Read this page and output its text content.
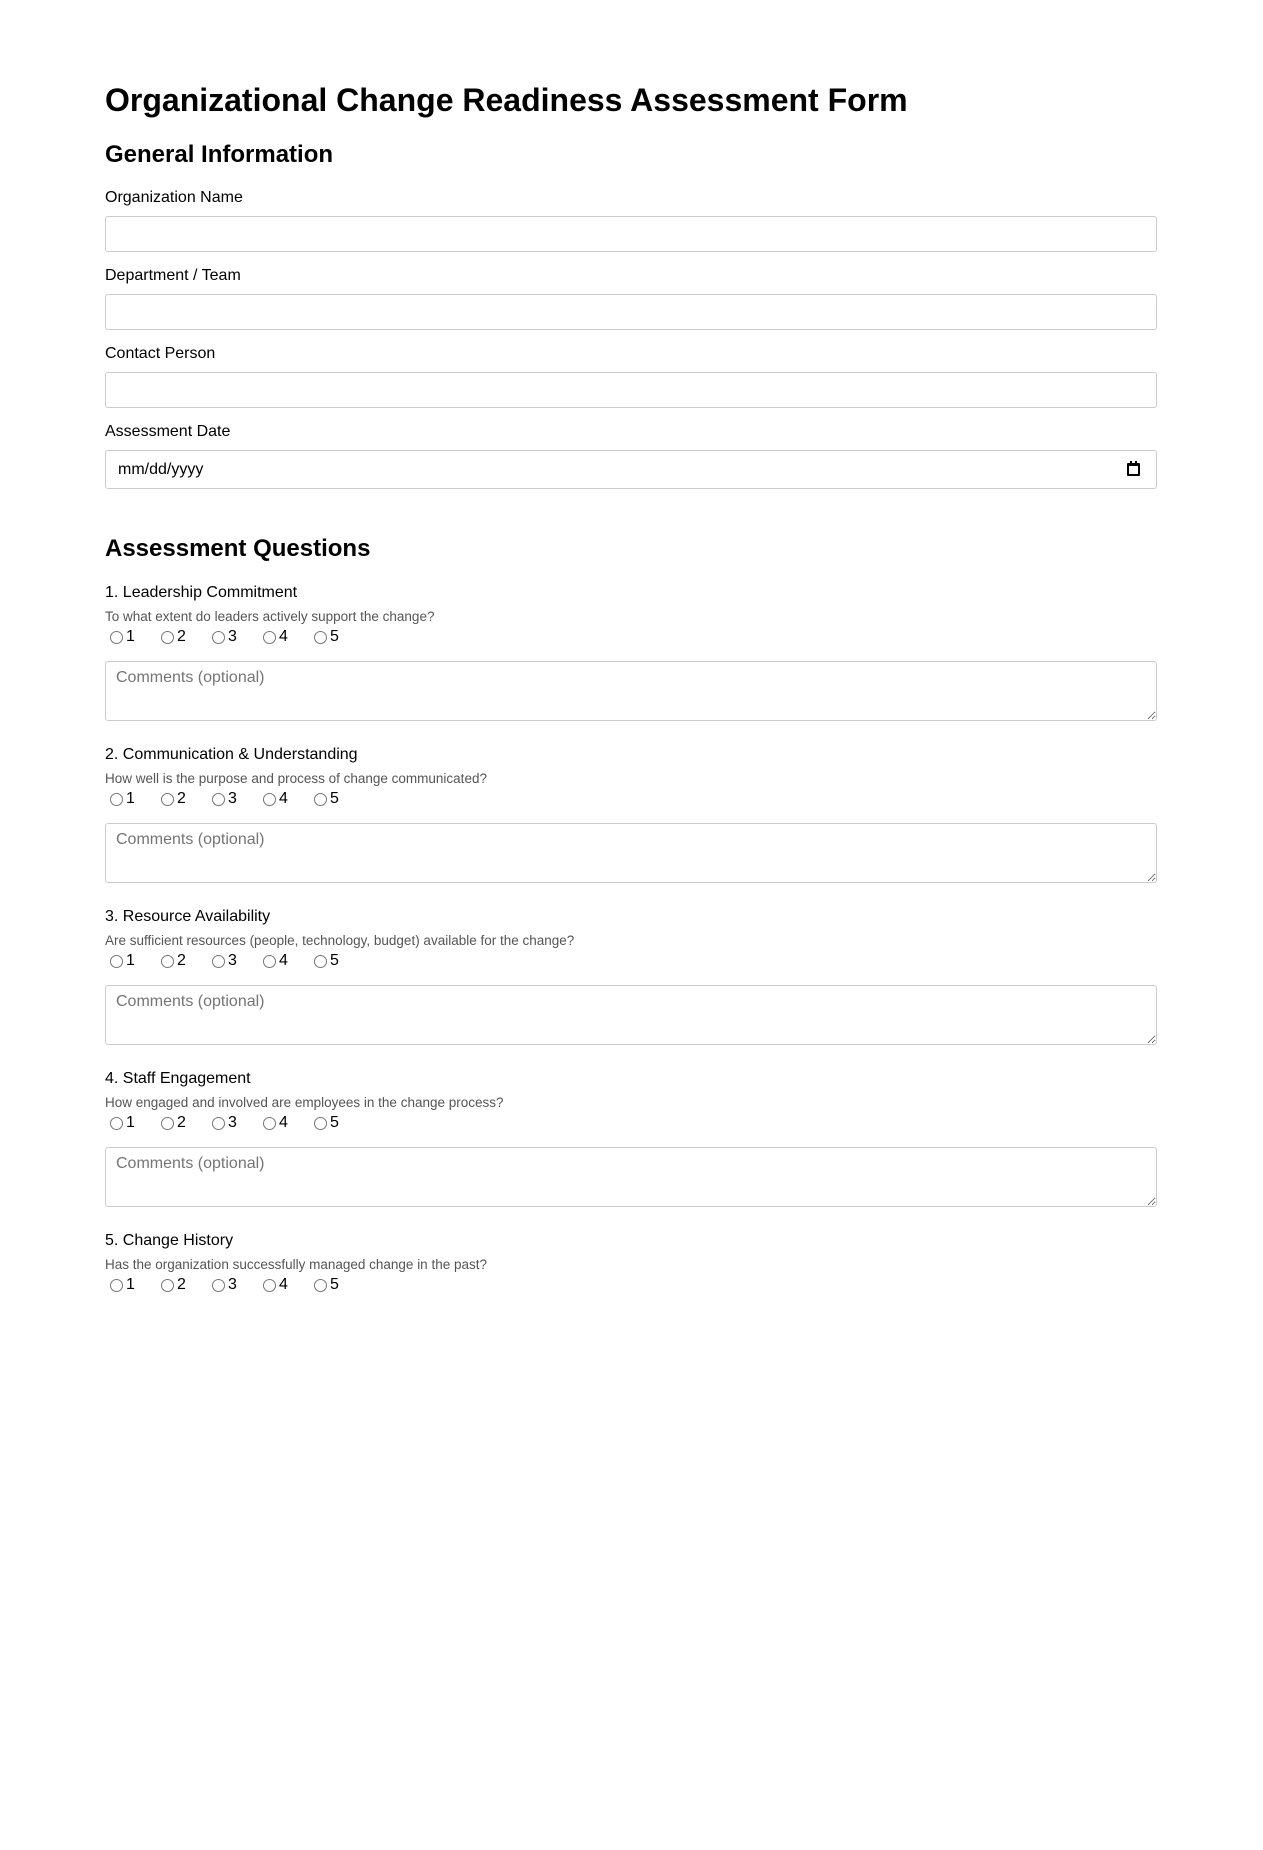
Organizational Change Readiness Assessment Form
General Information
Organization Name
Department / Team
Contact Person
Assessment Date
mm/dd/yyyy
Assessment Questions
1. Leadership Commitment
To what extent do leaders actively support the change?
1	2	3	4	5
Comments (optional)
2. Communication & Understanding
How well is the purpose and process of change communicated?
1	2	3	4	5
Comments (optional)
3. Resource Availability
Are sufficient resources (people, technology, budget) available for the change?
1	2	3	4	5
Comments (optional)
4. Staff Engagement
How engaged and involved are employees in the change process?
1	2	3	4	5
Comments (optional)
5. Change History
Has the organization successfully managed change in the past?
1	2	3	4	5
